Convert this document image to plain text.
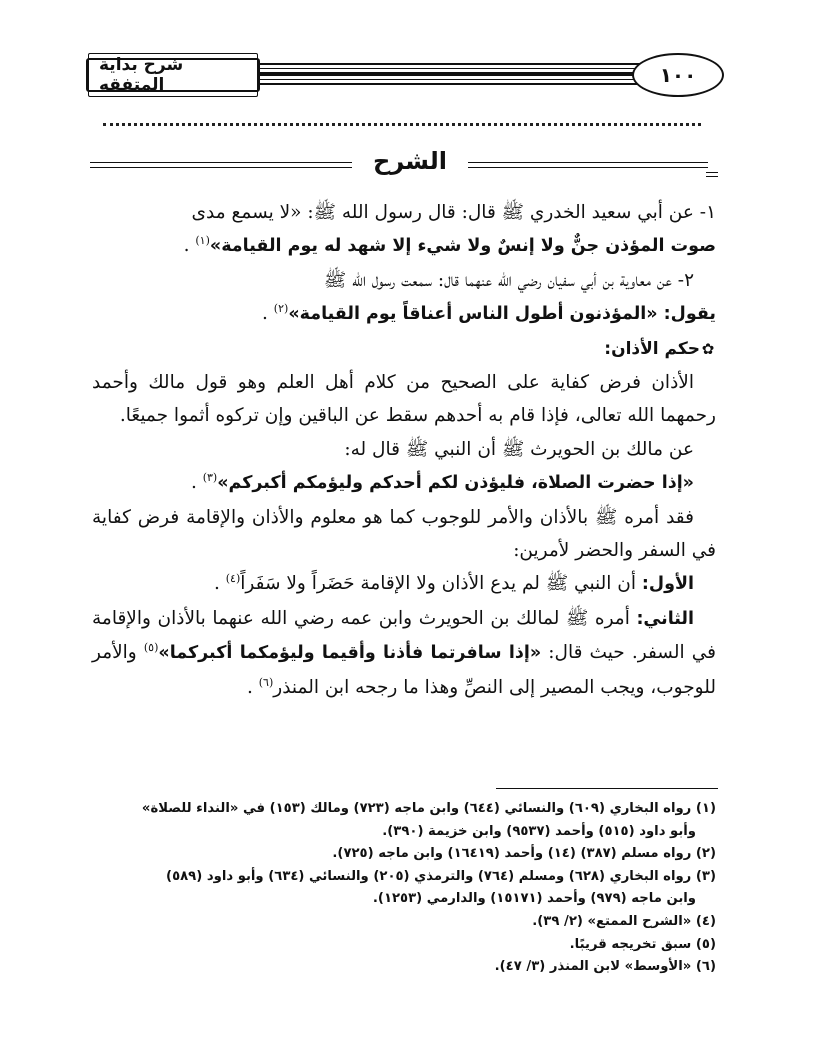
شرح بداية المتفقه	١٠٠
الشرح

١- عن أبي سعيد الخدري ﷺ قال: قال رسول الله ﷺ: «لا يسمع مدى
صوت المؤذن جنٌّ ولا إنسٌ ولا شيء إلا شهد له يوم القيامة»$^{(١)}$ .

٢- عن معاوية بن أبي سفيان رضي الله عنهما قال: سمعت رسول الله ﷺ
يقول: «المؤذنون أطول الناس أعناقاً يوم القيامة»$^{(٢)}$ .

✿حكم الأذان:

الأذان فرض كفاية على الصحيح من كلام أهل العلم وهو قول مالك وأحمد رحمهما الله تعالى، فإذا قام به أحدهم سقط عن الباقين وإن تركوه أثموا جميعًا.

عن مالك بن الحويرث ﷺ أن النبي ﷺ قال له:

«إذا حضرت الصلاة، فليؤذن لكم أحدكم وليؤمكم أكبركم»$^{(٣)}$ .

فقد أمره ﷺ بالأذان والأمر للوجوب كما هو معلوم والأذان والإقامة فرض كفاية في السفر والحضر لأمرين:

الأول: أن النبي ﷺ لم يدع الأذان ولا الإقامة حَضَراً ولا سَفَراً$^{(٤)}$ .

الثاني: أمره ﷺ لمالك بن الحويرث وابن عمه رضي الله عنهما بالأذان والإقامة في السفر. حيث قال: «إذا سافرتما فأذنا وأقيما وليؤمكما أكبركما»$^{(٥)}$ والأمر للوجوب، ويجب المصير إلى النصِّ وهذا ما رجحه ابن المنذر$^{(٦)}$ .

(١) رواه البخاري (٦٠٩) والنسائي (٦٤٤) وابن ماجه (٧٢٣) ومالك (١٥٣) في «النداء للصلاة»
وأبو داود (٥١٥) وأحمد (٩٥٣٧) وابن خزيمة (٣٩٠).
(٢) رواه مسلم (٣٨٧) (١٤) وأحمد (١٦٤١٩) وابن ماجه (٧٢٥).
(٣) رواه البخاري (٦٢٨) ومسلم (٧٦٤) والترمذي (٢٠٥) والنسائي (٦٣٤) وأبو داود (٥٨٩)
وابن ماجه (٩٧٩) وأحمد (١٥١٧١) والدارمي (١٢٥٣).
(٤) «الشرح الممتع» (٢/ ٣٩).
(٥) سبق تخريجه قريبًا.
(٦) «الأوسط» لابن المنذر (٣/ ٤٧).
